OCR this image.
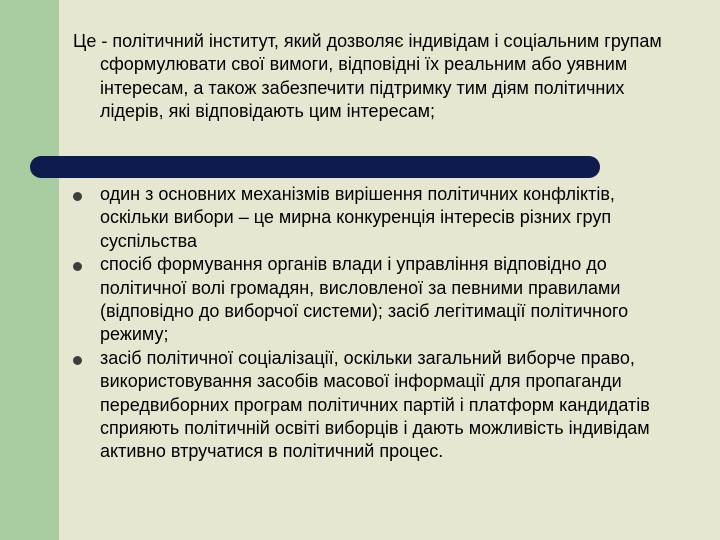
Це - політичний інститут, який дозволяє індивідам і соціальним групам сформулювати свої вимоги, відповідні їх реальним або уявним інтересам, а також забезпечити підтримку тим діям політичних лідерів, які відповідають цим інтересам;

один з основних механізмів вирішення політичних конфліктів, оскільки вибори – це мирна конкуренція інтересів різних груп суспільства
спосіб формування органів влади і управління відповідно до політичної волі громадян, висловленої за певними правилами (відповідно до виборчої системи); засіб легітимації політичного режиму;
засіб політичної соціалізації, оскільки загальний виборче право, використовування засобів масової інформації для пропаганди передвиборних програм політичних партій і платформ кандидатів сприяють політичній освіті виборців і дають можливість індивідам активно втручатися в політичний процес.
